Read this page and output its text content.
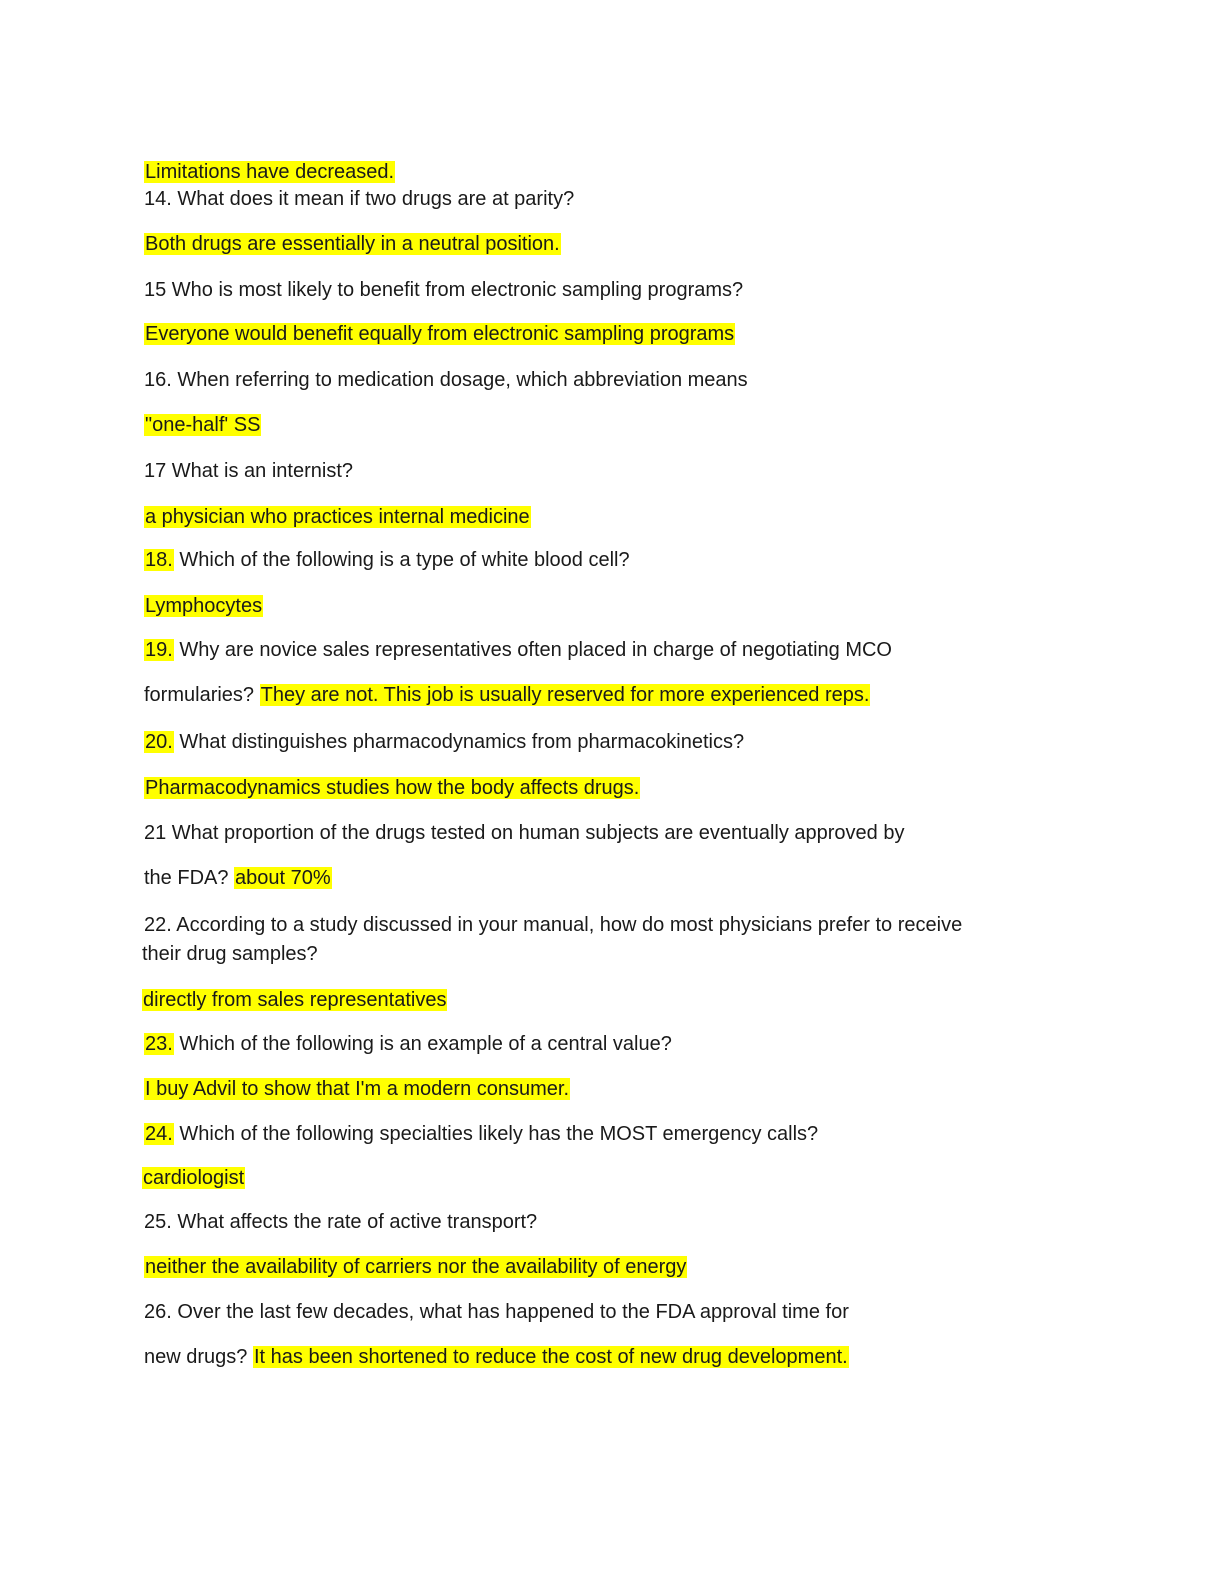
Limitations have decreased.
14. What does it mean if two drugs are at parity?
Both drugs are essentially in a neutral position.
15 Who is most likely to benefit from electronic sampling programs?
Everyone would benefit equally from electronic sampling programs
16. When referring to medication dosage, which abbreviation means
"one-half' SS
17 What is an internist?
a physician who practices internal medicine
18. Which of the following is a type of white blood cell?
Lymphocytes
19. Why are novice sales representatives often placed in charge of negotiating MCO
formularies? They are not. This job is usually reserved for more experienced reps.
20. What distinguishes pharmacodynamics from pharmacokinetics?
Pharmacodynamics studies how the body affects drugs.
21 What proportion of the drugs tested on human subjects are eventually approved by
the FDA? about 70%
22. According to a study discussed in your manual, how do most physicians prefer to receive
their drug samples?
directly from sales representatives
23. Which of the following is an example of a central value?
I buy Advil to show that I'm a modern consumer.
24. Which of the following specialties likely has the MOST emergency calls?
cardiologist
25. What affects the rate of active transport?
neither the availability of carriers nor the availability of energy
26. Over the last few decades, what has happened to the FDA approval time for
new drugs? It has been shortened to reduce the cost of new drug development.
